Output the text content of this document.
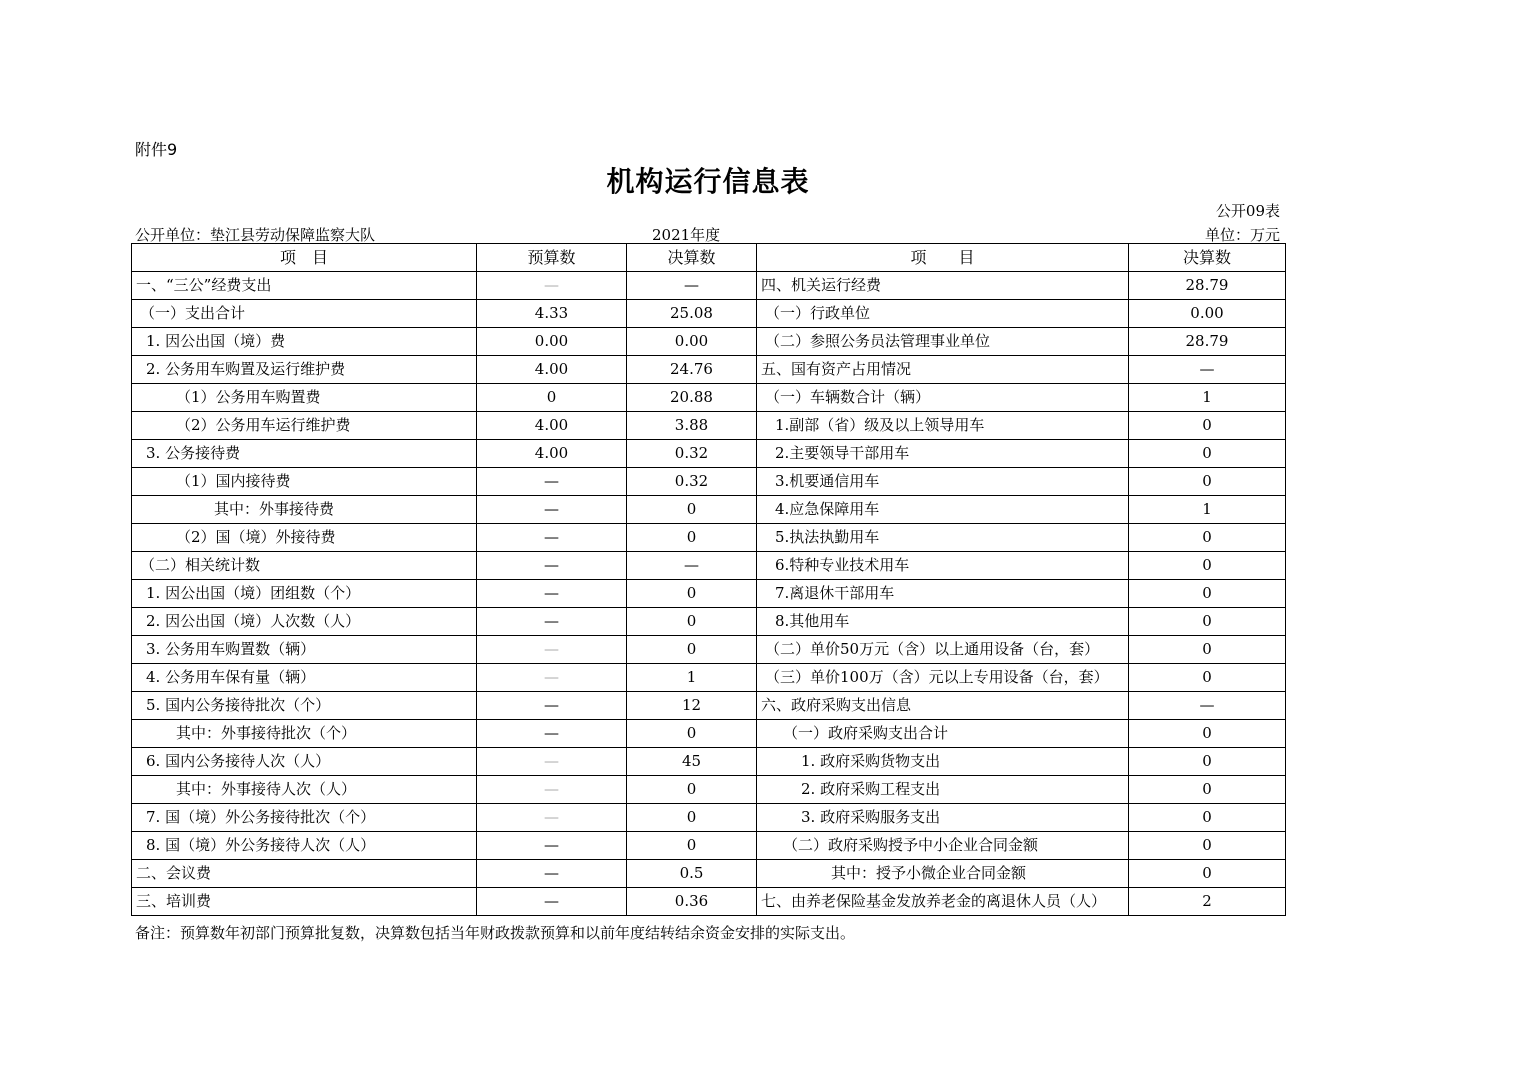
附件9
机构运行信息表
公开09表
公开单位：垫江县劳动保障监察大队	2021年度	单位：万元
项　目	预算数	决算数	项　　目	决算数
一、“三公”经费支出	—	—	四、机关运行经费	28.79
（一）支出合计	4.33	25.08	（一）行政单位	0.00
1. 因公出国（境）费	0.00	0.00	（二）参照公务员法管理事业单位	28.79
2. 公务用车购置及运行维护费	4.00	24.76	五、国有资产占用情况	—
（1）公务用车购置费	0	20.88	（一）车辆数合计（辆）	1
（2）公务用车运行维护费	4.00	3.88	1.副部（省）级及以上领导用车	0
3. 公务接待费	4.00	0.32	2.主要领导干部用车	0
（1）国内接待费	—	0.32	3.机要通信用车	0
其中：外事接待费	—	0	4.应急保障用车	1
（2）国（境）外接待费	—	0	5.执法执勤用车	0
（二）相关统计数	—	—	6.特种专业技术用车	0
1. 因公出国（境）团组数（个）	—	0	7.离退休干部用车	0
2. 因公出国（境）人次数（人）	—	0	8.其他用车	0
3. 公务用车购置数（辆）	—	0	（二）单价50万元（含）以上通用设备（台，套）	0
4. 公务用车保有量（辆）	—	1	（三）单价100万（含）元以上专用设备（台，套）	0
5. 国内公务接待批次（个）	—	12	六、政府采购支出信息	—
其中：外事接待批次（个）	—	0	（一）政府采购支出合计	0
6. 国内公务接待人次（人）	—	45	1. 政府采购货物支出	0
其中：外事接待人次（人）	—	0	2. 政府采购工程支出	0
7. 国（境）外公务接待批次（个）	—	0	3. 政府采购服务支出	0
8. 国（境）外公务接待人次（人）	—	0	（二）政府采购授予中小企业合同金额	0
二、会议费	—	0.5	其中：授予小微企业合同金额	0
三、培训费	—	0.36	七、由养老保险基金发放养老金的离退休人员（人）	2
备注：预算数年初部门预算批复数，决算数包括当年财政拨款预算和以前年度结转结余资金安排的实际支出。
